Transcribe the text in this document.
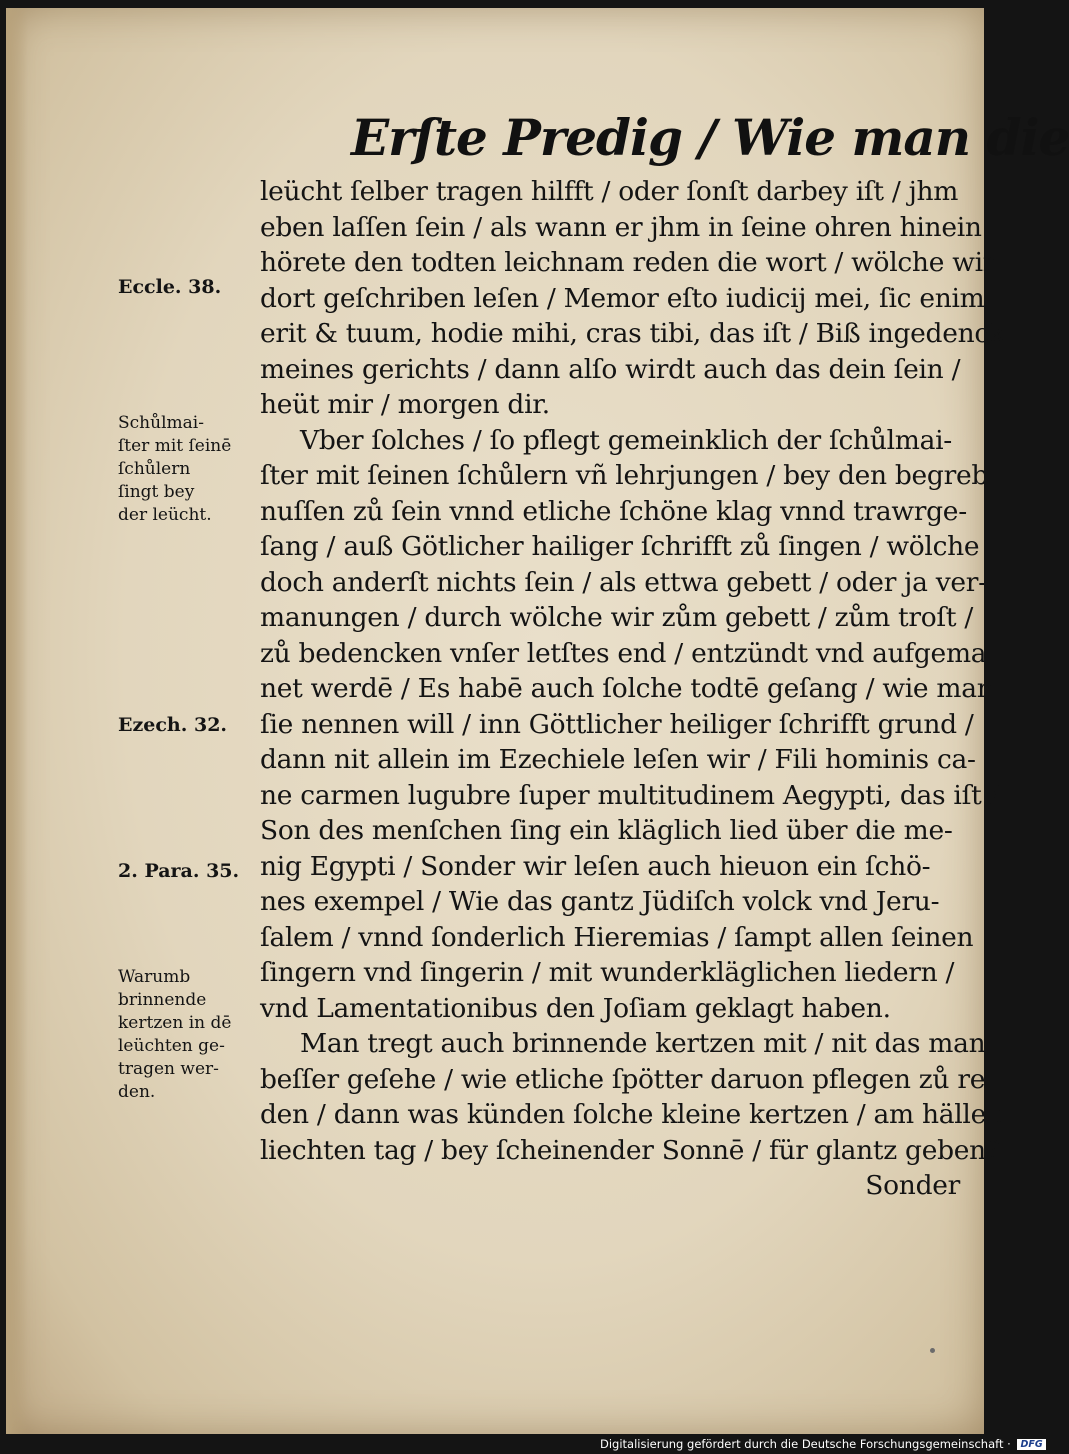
Erſte Predig / Wie man die
leücht ſelber tragen hilfft / oder ſonſt darbey iſt / jhm
eben laſſen ſein / als wann er jhm in ſeine ohren hinein
hörete den todten leichnam reden die wort / wölche wir
dort geſchriben leſen / Memor eſto iudicij mei, ſic enim
erit & tuum, hodie mihi, cras tibi, das iſt / Biß ingedenck
meines gerichts / dann alſo wirdt auch das dein ſein /
heüt mir / morgen dir.
Vber ſolches / ſo pflegt gemeinklich der ſchůlmai-
ſter mit ſeinen ſchůlern vñ lehrjungen / bey den begreb-
nuſſen zů ſein vnnd etliche ſchöne klag vnnd trawrge-
ſang / auß Götlicher hailiger ſchrifft zů ſingen / wölche
doch anderſt nichts ſein / als ettwa gebett / oder ja ver-
manungen / durch wölche wir zům gebett / zům troſt /
zů bedencken vnſer letſtes end / entzündt vnd aufgema-
net werdē / Es habē auch ſolche todtē geſang / wie man
ſie nennen will / inn Göttlicher heiliger ſchrifft grund /
dann nit allein im Ezechiele leſen wir / Fili hominis ca-
ne carmen lugubre ſuper multitudinem Aegypti, das iſt /
Son des menſchen ſing ein kläglich lied über die me-
nig Egypti / Sonder wir leſen auch hieuon ein ſchö-
nes exempel / Wie das gantz Jüdiſch volck vnd Jeru-
ſalem / vnnd ſonderlich Hieremias / ſampt allen ſeinen
ſingern vnd ſingerin / mit wunderkläglichen liedern /
vnd Lamentationibus den Joſiam geklagt haben.
Man tregt auch brinnende kertzen mit / nit das man
beſſer geſehe / wie etliche ſpötter daruon pflegen zů re-
den / dann was künden ſolche kleine kertzen / am hällen
liechten tag / bey ſcheinender Sonnē / für glantz geben?
Sonder
Eccle. 38.
Schůlmai-
ſter mit ſeinē
ſchůlern
ſingt bey
der leücht.
Ezech. 32.
2. Para. 35.
Warumb
brinnende
kertzen in dē
leüchten ge-
tragen wer-
den.
Digitalisierung gefördert durch die Deutsche Forschungsgemeinschaft · DFG
